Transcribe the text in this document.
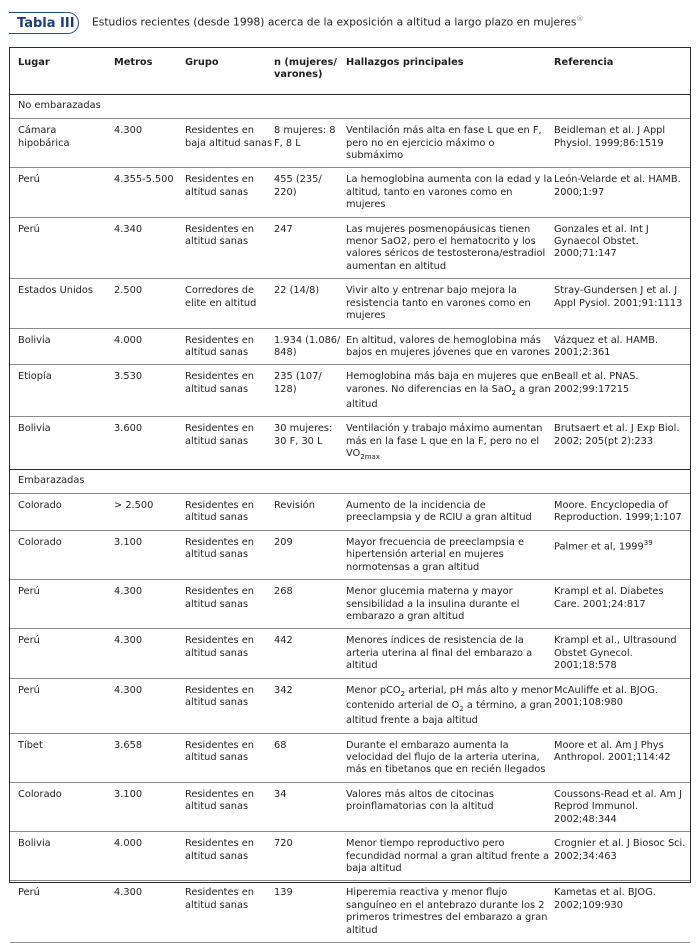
Tabla III	Estudios recientes (desde 1998) acerca de la exposición a altitud a largo plazo en mujeres®
Lugar	Metros	Grupo	n (mujeres/ varones)	Hallazgos principales	Referencia
No embarazadas					
Cámara hipobárica	4.300	Residentes en baja altitud sanas	8 mujeres: 8 F, 8 L	Ventilación más alta en fase L que en F, pero no en ejercicio máximo o submáximo	Beidleman et al. J Appl Physiol. 1999;86:1519
Perú	4.355-5.500	Residentes en altitud sanas	455 (235/ 220)	La hemoglobina aumenta con la edad y la altitud, tanto en varones como en mujeres	León-Velarde et al. HAMB. 2000;1:97
Perú	4.340	Residentes en altitud sanas	247	Las mujeres posmenopáusicas tienen menor SaO2, pero el hematocrito y los valores séricos de testosterona/estradiol aumentan en altitud	Gonzales et al. Int J Gynaecol Obstet. 2000;71:147
Estados Unidos	2.500	Corredores de elite en altitud	22 (14/8)	Vivir alto y entrenar bajo mejora la resistencia tanto en varones como en mujeres	Stray-Gundersen J et al. J Appl Pysiol. 2001;91:1113
Bolivia	4.000	Residentes en altitud sanas	1.934 (1.086/ 848)	En altitud, valores de hemoglobina más bajos en mujeres jóvenes que en varones	Vázquez et al. HAMB. 2001;2:361
Etiopía	3.530	Residentes en altitud sanas	235 (107/ 128)	Hemoglobina más baja en mujeres que en varones. No diferencias en la SaO$_2$ a gran altitud	Beall et al. PNAS. 2002;99:17215
Bolivia	3.600	Residentes en altitud sanas	30 mujeres: 30 F, 30 L	Ventilación y trabajo máximo aumentan más en la fase L que en la F, pero no el $VO_{2max}$	Brutsaert et al. J Exp Biol. 2002; 205(pt 2):233
Embarazadas					
Colorado	> 2.500	Residentes en altitud sanas	Revisión	Aumento de la incidencia de preeclampsia y de RCIU a gran altitud	Moore. Encyclopedia of Reproduction. 1999;1:107
Colorado	3.100	Residentes en altitud sanas	209	Mayor frecuencia de preeclampsia e hipertensión arterial en mujeres normotensas a gran altitud	Palmer et al, 1999$^{39}$
Perú	4.300	Residentes en altitud sanas	268	Menor glucemia materna y mayor sensibilidad a la insulina durante el embarazo a gran altitud	Krampl et al. Diabetes Care. 2001;24:817
Perú	4.300	Residentes en altitud sanas	442	Menores índices de resistencia de la arteria uterina al final del embarazo a altitud	Krampl et al., Ultrasound Obstet Gynecol. 2001;18:578
Perú	4.300	Residentes en altitud sanas	342	Menor pCO$_2$ arterial, pH más alto y menor contenido arterial de $O_2$ a término, a gran altitud frente a baja altitud	McAuliffe et al. BJOG. 2001;108:980
Tíbet	3.658	Residentes en altitud sanas	68	Durante el embarazo aumenta la velocidad del flujo de la arteria uterina, más en tibetanos que en recién llegados	Moore et al. Am J Phys Anthropol. 2001;114:42
Colorado	3.100	Residentes en altitud sanas	34	Valores más altos de citocinas proinflamatorias con la altitud	Coussons-Read et al. Am J Reprod Immunol. 2002;48:344
Bolivia	4.000	Residentes en altitud sanas	720	Menor tiempo reproductivo pero fecundidad normal a gran altitud frente a baja altitud	Crognier et al. J Biosoc Sci. 2002;34:463
Perú	4.300	Residentes en altitud sanas	139	Hiperemia reactiva y menor flujo sanguíneo en el antebrazo durante los 2 primeros trimestres del embarazo a gran altitud	Kametas et al. BJOG. 2002;109:930
